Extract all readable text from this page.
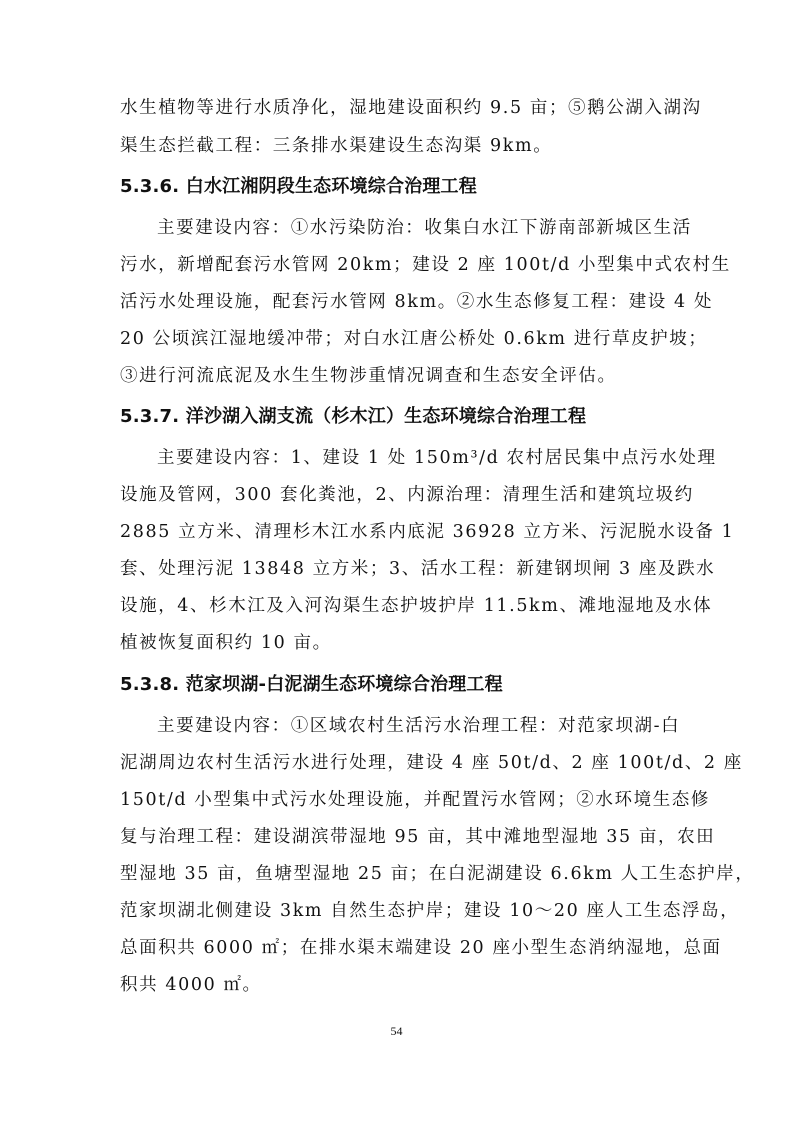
水生植物等进行水质净化，湿地建设面积约 9.5 亩；⑤鹅公湖入湖沟
渠生态拦截工程：三条排水渠建设生态沟渠 9km。
5.3.6. 白水江湘阴段生态环境综合治理工程
主要建设内容：①水污染防治：收集白水江下游南部新城区生活
污水，新增配套污水管网 20km；建设 2 座 100t/d 小型集中式农村生
活污水处理设施，配套污水管网 8km。②水生态修复工程：建设 4 处
20 公顷滨江湿地缓冲带；对白水江唐公桥处 0.6km 进行草皮护坡；
③进行河流底泥及水生生物涉重情况调查和生态安全评估。
5.3.7. 洋沙湖入湖支流（杉木江）生态环境综合治理工程
主要建设内容：1、建设 1 处 150m³/d 农村居民集中点污水处理
设施及管网，300 套化粪池，2、内源治理：清理生活和建筑垃圾约
2885 立方米、清理杉木江水系内底泥 36928 立方米、污泥脱水设备 1
套、处理污泥 13848 立方米；3、活水工程：新建钢坝闸 3 座及跌水
设施，4、杉木江及入河沟渠生态护坡护岸 11.5km、滩地湿地及水体
植被恢复面积约 10 亩。
5.3.8. 范家坝湖-白泥湖生态环境综合治理工程
主要建设内容：①区域农村生活污水治理工程：对范家坝湖-白
泥湖周边农村生活污水进行处理，建设 4 座 50t/d、2 座 100t/d、2 座
150t/d 小型集中式污水处理设施，并配置污水管网；②水环境生态修
复与治理工程：建设湖滨带湿地 95 亩，其中滩地型湿地 35 亩，农田
型湿地 35 亩，鱼塘型湿地 25 亩；在白泥湖建设 6.6km 人工生态护岸，
范家坝湖北侧建设 3km 自然生态护岸；建设 10～20 座人工生态浮岛，
总面积共 6000 ㎡；在排水渠末端建设 20 座小型生态消纳湿地，总面
积共 4000 ㎡。
54
